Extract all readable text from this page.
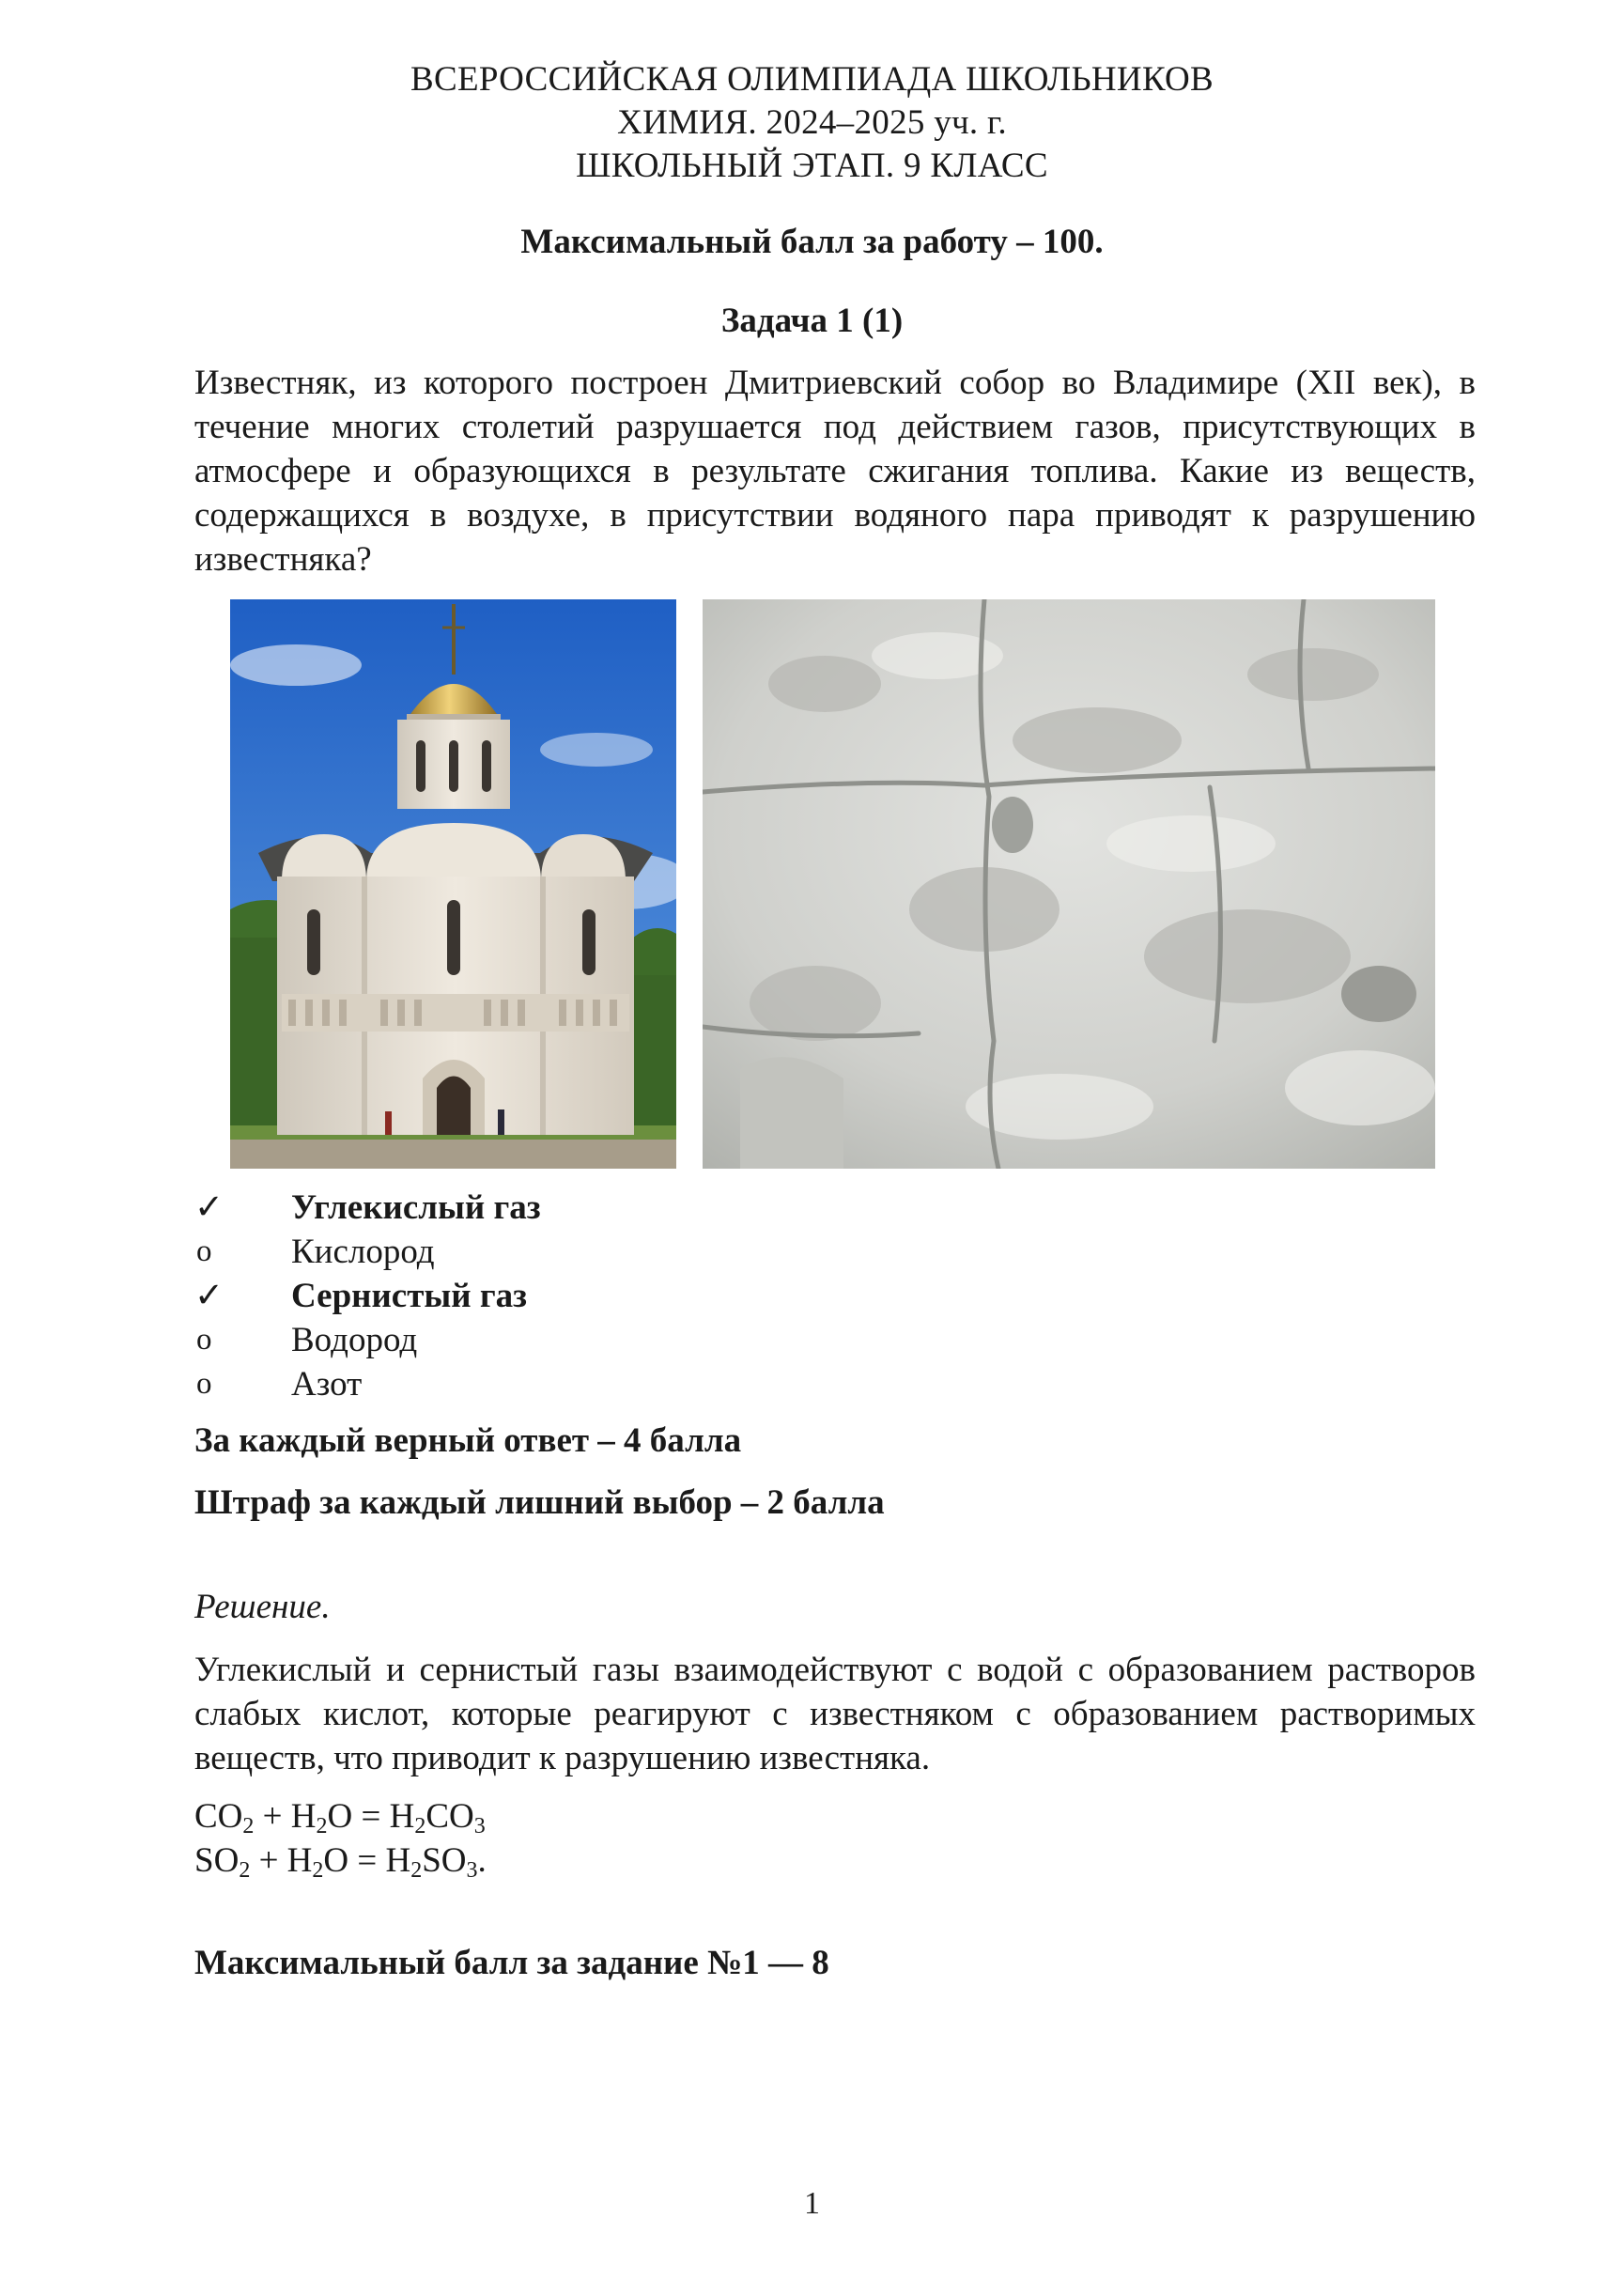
ВСЕРОССИЙСКАЯ ОЛИМПИАДА ШКОЛЬНИКОВ
ХИМИЯ. 2024–2025 уч. г.
ШКОЛЬНЫЙ ЭТАП. 9 КЛАСС
Максимальный балл за работу – 100.
Задача 1 (1)
Известняк, из которого построен Дмитриевский собор во Владимире (XII век), в течение многих столетий разрушается под действием газов, присутствующих в атмосфере и образующихся в результате сжигания топлива. Какие из веществ, содержащихся в воздухе, в присутствии водяного пара приводят к разрушению известняка?
✓	Углекислый газ
o	Кислород
✓	Сернистый газ
o	Водород
o	Азот
За каждый верный ответ – 4 балла
Штраф за каждый лишний выбор – 2 балла
Решение.
Углекислый и сернистый газы взаимодействуют с водой с образованием растворов слабых кислот, которые реагируют с известняком с образованием растворимых веществ, что приводит к разрушению известняка.
$CO_2 + H_2O = H_2CO_3$
$SO_2 + H_2O = H_2SO_3$.
Максимальный балл за задание №1 — 8
1
